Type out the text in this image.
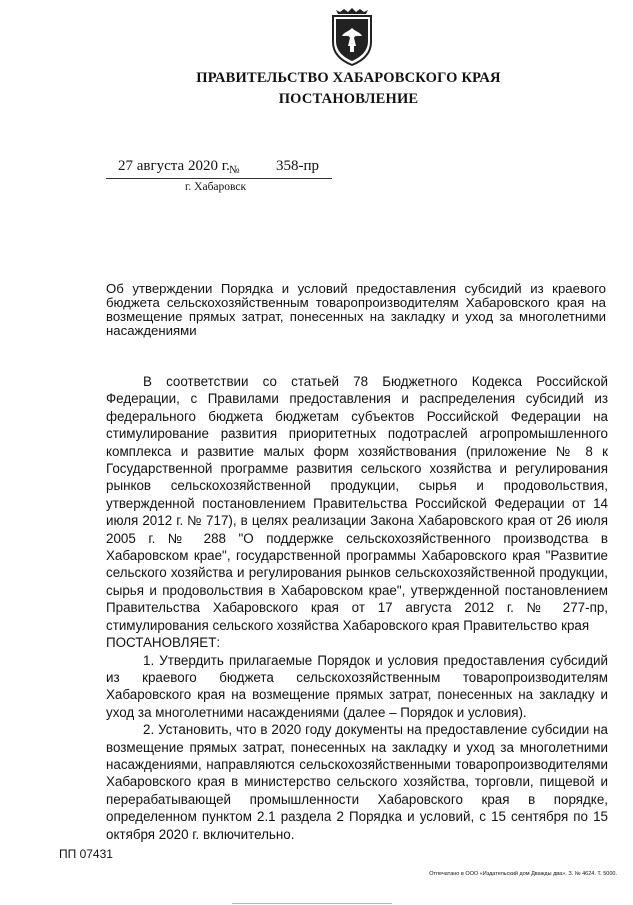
ПРАВИТЕЛЬСТВО ХАБАРОВСКОГО КРАЯ
ПОСТАНОВЛЕНИЕ
27 августа 2020 г. № 358-пр
г. Хабаровск
Об утверждении Порядка и условий предоставления субсидий из краевого бюджета сельскохозяйственным товаропроизводителям Хабаровского края на возмещение прямых затрат, понесенных на закладку и уход за многолетними насаждениями

В соответствии со статьей 78 Бюджетного Кодекса Российской Федерации, с Правилами предоставления и распределения субсидий из федерального бюджета бюджетам субъектов Российской Федерации на стимулирование развития приоритетных подотраслей агропромышленного комплекса и развитие малых форм хозяйствования (приложение № 8 к Государственной программе развития сельского хозяйства и регулирования рынков сельскохозяйственной продукции, сырья и продовольствия, утвержденной постановлением Правительства Российской Федерации от 14 июля 2012 г. № 717), в целях реализации Закона Хабаровского края от 26 июля 2005 г. № 288 "О поддержке сельскохозяйственного производства в Хабаровском крае", государственной программы Хабаровского края "Развитие сельского хозяйства и регулирования рынков сельскохозяйственной продукции, сырья и продовольствия в Хабаровском крае", утвержденной постановлением Правительства Хабаровского края от 17 августа 2012 г. № 277-пр, стимулирования сельского хозяйства Хабаровского края Правительство края

ПОСТАНОВЛЯЕТ:

1. Утвердить прилагаемые Порядок и условия предоставления субсидий из краевого бюджета сельскохозяйственным товаропроизводителям Хабаровского края на возмещение прямых затрат, понесенных на закладку и уход за многолетними насаждениями (далее – Порядок и условия).

2. Установить, что в 2020 году документы на предоставление субсидии на возмещение прямых затрат, понесенных на закладку и уход за многолетними насаждениями, направляются сельскохозяйственными товаропроизводителями Хабаровского края в министерство сельского хозяйства, торговли, пищевой и перерабатывающей промышленности Хабаровского края в порядке, определенном пунктом 2.1 раздела 2 Порядка и условий, с 15 сентября по 15 октября 2020 г. включительно.

ПП 07431
Отпечатано в ООО «Издательский дом Дважды два». З. № 4624. Т. 5000.
